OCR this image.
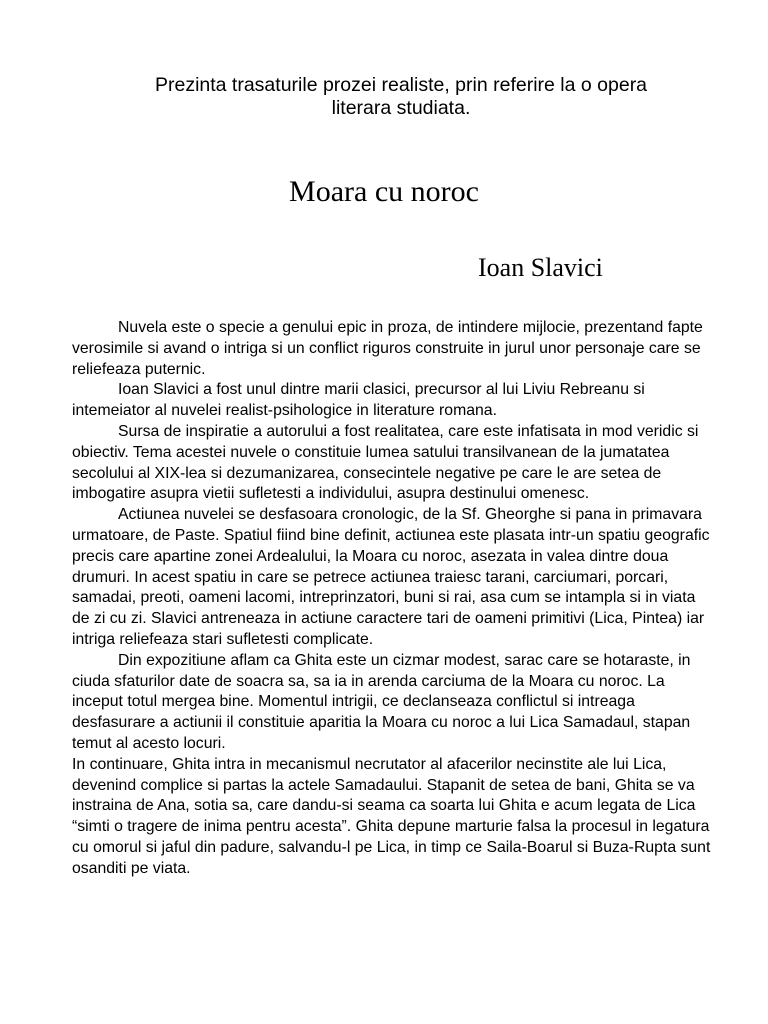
Prezinta trasaturile prozei realiste, prin referire la o opera
literara studiata.
Moara cu noroc
Ioan Slavici

Nuvela este o specie a genului epic in proza, de intindere mijlocie, prezentand fapte verosimile si avand o intriga si un conflict riguros construite in jurul unor personaje care se reliefeaza puternic.

Ioan Slavici a fost unul dintre marii clasici, precursor al lui Liviu Rebreanu si intemeiator al nuvelei realist-psihologice in literature romana.

Sursa de inspiratie a autorului a fost realitatea, care este infatisata in mod veridic si obiectiv. Tema acestei nuvele o constituie lumea satului transilvanean de la jumatatea secolului al XIX-lea si dezumanizarea, consecintele negative pe care le are setea de imbogatire asupra vietii sufletesti a individului, asupra destinului omenesc.

Actiunea nuvelei se desfasoara cronologic, de la Sf. Gheorghe si pana in primavara urmatoare, de Paste. Spatiul fiind bine definit, actiunea este plasata intr-un spatiu geografic precis care apartine zonei Ardealului, la Moara cu noroc, asezata in valea dintre doua drumuri. In acest spatiu in care se petrece actiunea traiesc tarani, carciumari, porcari, samadai, preoti, oameni lacomi, intreprinzatori, buni si rai, asa cum se intampla si in viata de zi cu zi. Slavici antreneaza in actiune caractere tari de oameni primitivi (Lica, Pintea) iar intriga reliefeaza stari sufletesti complicate.

Din expozitiune aflam ca Ghita este un cizmar modest, sarac care se hotaraste, in ciuda sfaturilor date de soacra sa, sa ia in arenda carciuma de la Moara cu noroc. La inceput totul mergea bine. Momentul intrigii, ce declanseaza conflictul si intreaga desfasurare a actiunii il constituie aparitia la Moara cu noroc a lui Lica Samadaul, stapan temut al acesto locuri.

In continuare, Ghita intra in mecanismul necrutator al afacerilor necinstite ale lui Lica, devenind complice si partas la actele Samadaului. Stapanit de setea de bani, Ghita se va instraina de Ana, sotia sa, care dandu-si seama ca soarta lui Ghita e acum legata de Lica “simti o tragere de inima pentru acesta”. Ghita depune marturie falsa la procesul in legatura cu omorul si jaful din padure, salvandu-l pe Lica, in timp ce Saila-Boarul si Buza-Rupta sunt osanditi pe viata.
